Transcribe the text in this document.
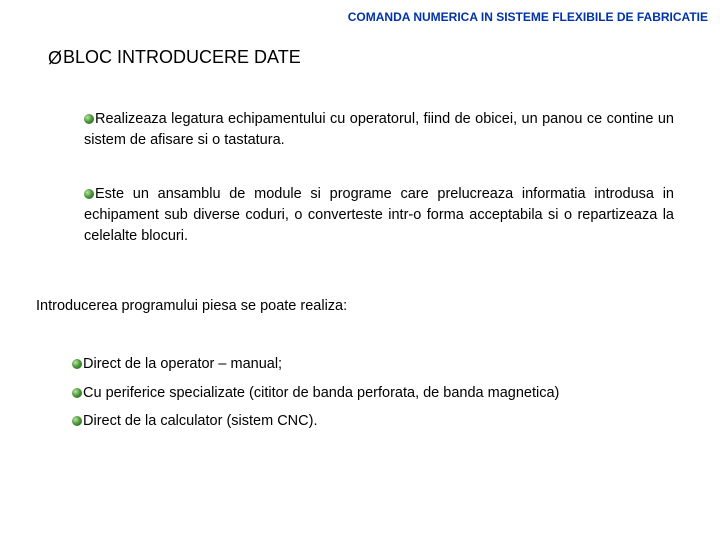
COMANDA NUMERICA IN SISTEME FLEXIBILE DE FABRICATIE
Ø BLOC INTRODUCERE DATE
Realizeaza legatura echipamentului cu operatorul, fiind de obicei, un panou ce contine un sistem de afisare si o tastatura.
Este un ansamblu de module si programe care prelucreaza informatia introdusa in echipament sub diverse coduri, o converteste intr-o forma acceptabila si o repartizeaza la celelalte blocuri.
Introducerea programului piesa se poate realiza:
Direct de la operator – manual;
Cu periferice specializate (cititor de banda perforata, de banda magnetica)
Direct de la calculator (sistem CNC).
